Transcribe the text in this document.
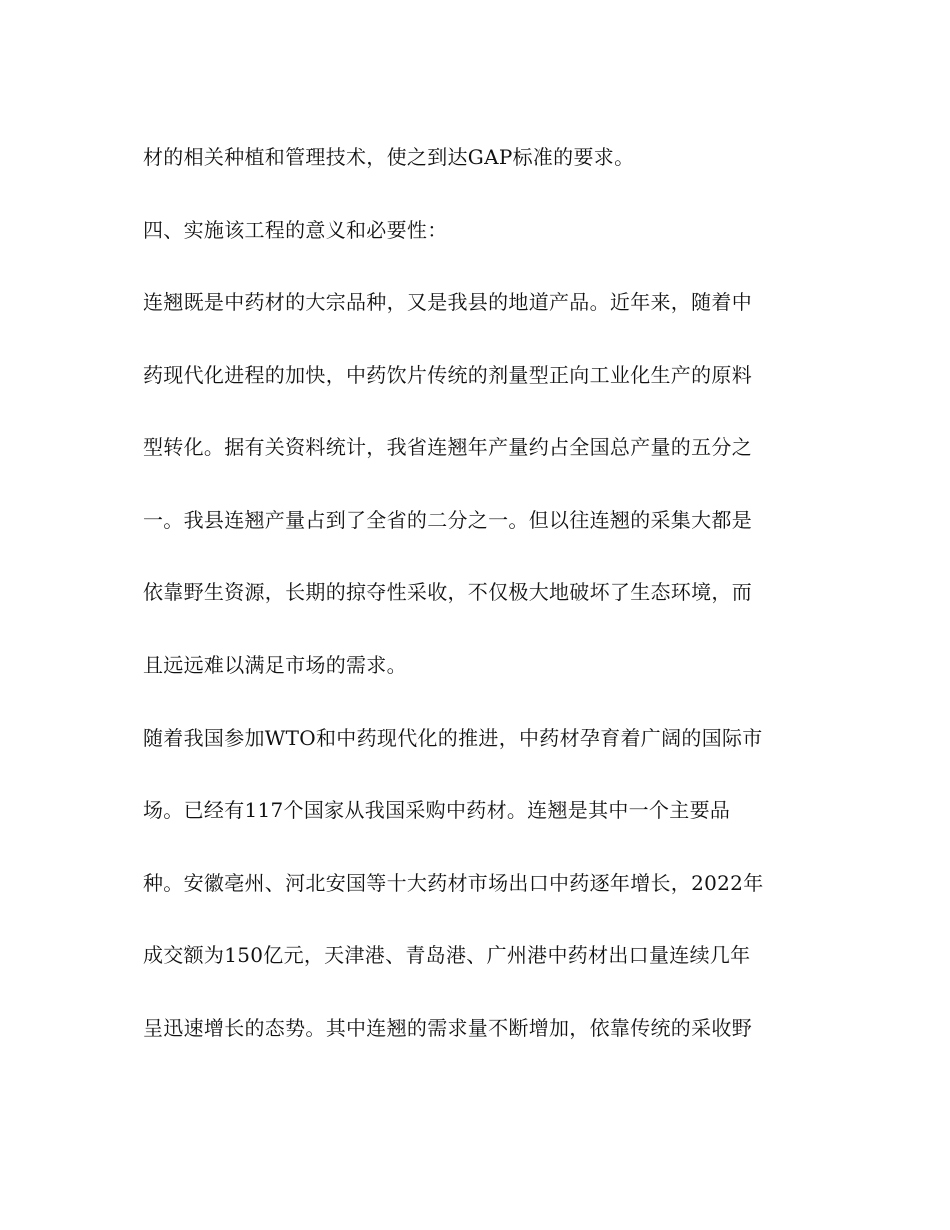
材的相关种植和管理技术，使之到达GAP标准的要求。
四、实施该工程的意义和必要性：
连翘既是中药材的大宗品种，又是我县的地道产品。近年来，随着中
药现代化进程的加快，中药饮片传统的剂量型正向工业化生产的原料
型转化。据有关资料统计，我省连翘年产量约占全国总产量的五分之
一。我县连翘产量占到了全省的二分之一。但以往连翘的采集大都是
依靠野生资源，长期的掠夺性采收，不仅极大地破坏了生态环境，而
且远远难以满足市场的需求。
随着我国参加WTO和中药现代化的推进，中药材孕育着广阔的国际市
场。已经有117个国家从我国采购中药材。连翘是其中一个主要品
种。安徽亳州、河北安国等十大药材市场出口中药逐年增长，2022年
成交额为150亿元，天津港、青岛港、广州港中药材出口量连续几年
呈迅速增长的态势。其中连翘的需求量不断增加，依靠传统的采收野
